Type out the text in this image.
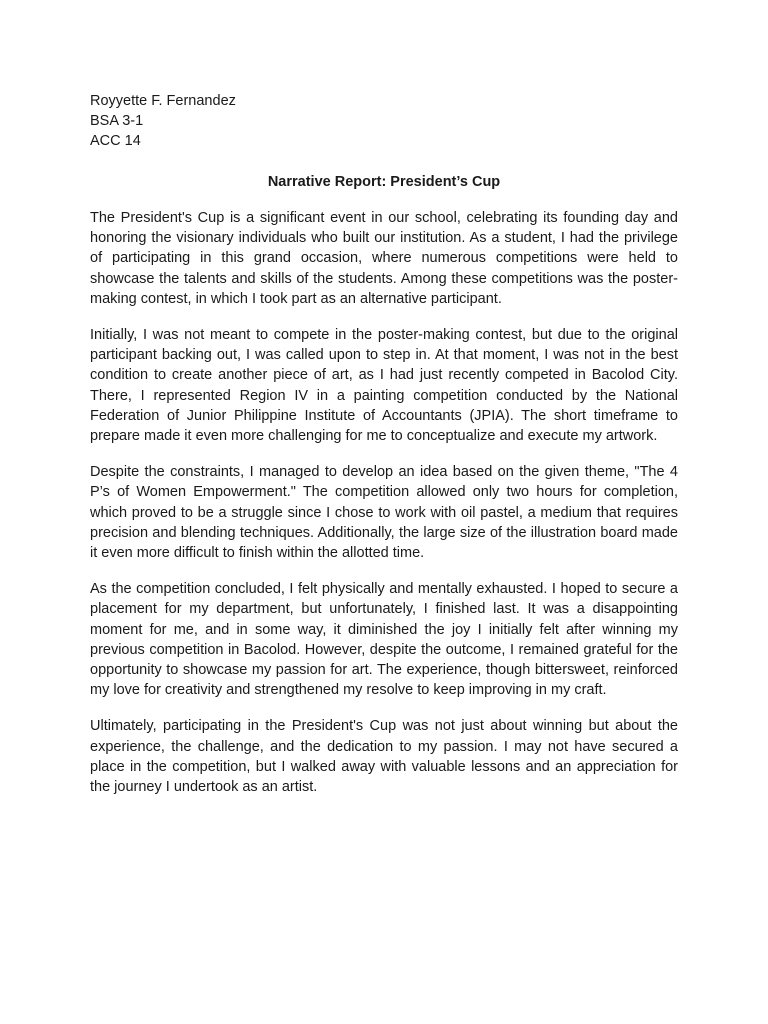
Royyette F. Fernandez

BSA 3-1

ACC 14

Narrative Report: President’s Cup

The President's Cup is a significant event in our school, celebrating its founding day and honoring the visionary individuals who built our institution. As a student, I had the privilege of participating in this grand occasion, where numerous competitions were held to showcase the talents and skills of the students. Among these competitions was the poster-making contest, in which I took part as an alternative participant.

Initially, I was not meant to compete in the poster-making contest, but due to the original participant backing out, I was called upon to step in. At that moment, I was not in the best condition to create another piece of art, as I had just recently competed in Bacolod City. There, I represented Region IV in a painting competition conducted by the National Federation of Junior Philippine Institute of Accountants (JPIA). The short timeframe to prepare made it even more challenging for me to conceptualize and execute my artwork.

Despite the constraints, I managed to develop an idea based on the given theme, "The 4 P’s of Women Empowerment." The competition allowed only two hours for completion, which proved to be a struggle since I chose to work with oil pastel, a medium that requires precision and blending techniques. Additionally, the large size of the illustration board made it even more difficult to finish within the allotted time.

As the competition concluded, I felt physically and mentally exhausted. I hoped to secure a placement for my department, but unfortunately, I finished last. It was a disappointing moment for me, and in some way, it diminished the joy I initially felt after winning my previous competition in Bacolod. However, despite the outcome, I remained grateful for the opportunity to showcase my passion for art. The experience, though bittersweet, reinforced my love for creativity and strengthened my resolve to keep improving in my craft.

Ultimately, participating in the President's Cup was not just about winning but about the experience, the challenge, and the dedication to my passion. I may not have secured a place in the competition, but I walked away with valuable lessons and an appreciation for the journey I undertook as an artist.
